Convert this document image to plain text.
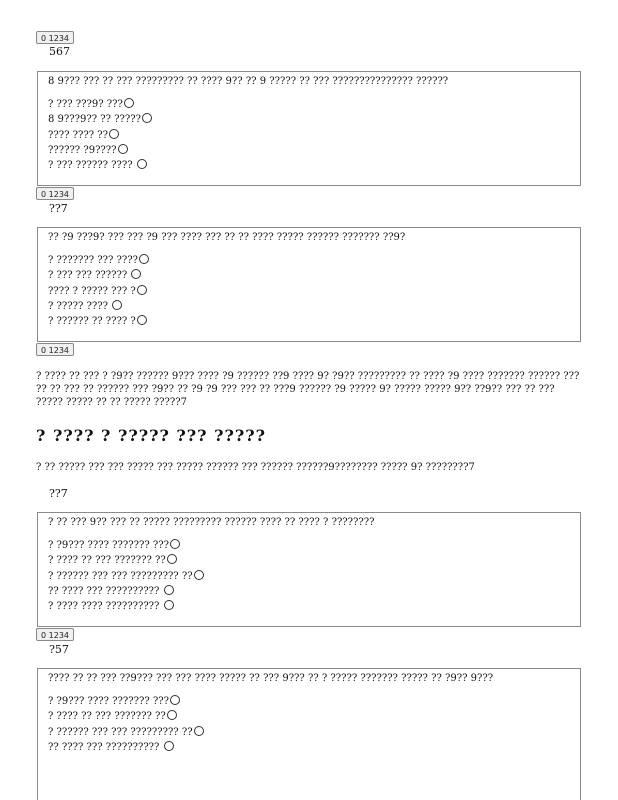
0 1234
567
8 9??? ??? ?? ??? ????????? ?? ???? 9?? ?? 9 ????? ?? ??? ??????????????? ??????
? ??? ???9? ???
8 9???9?? ?? ?????
???? ???? ??
?????? ?9????
? ??? ?????? ????
0 1234
??7
?? ?9 ???9? ??? ??? ?9 ??? ???? ??? ?? ?? ???? ????? ?????? ??????? ??9?
? ??????? ??? ????
? ??? ??? ??????
???? ? ????? ??? ?
? ????? ????
? ?????? ?? ???? ?
0 1234
? ???? ?? ??? ? ?9?? ?????? 9??? ???? ?9 ?????? ??9 ???? 9? ?9?? ????????? ?? ???? ?9 ???? ??????? ?????? ??? ?? ?? ??? ?? ?????? ??? ?9?? ?? ?9 ?9 ??? ??? ?? ???9 ?????? ?9 ????? 9? ????? ????? 9?? ??9?? ??? ?? ??? ????? ????? ?? ?? ????? ?????7
? ???? ? ????? ??? ?????
? ?? ????? ??? ??? ????? ??? ????? ?????? ??? ?????? ??????9???????? ????? 9? ????????7
??7
? ?? ??? 9?? ??? ?? ????? ????????? ?????? ???? ?? ???? ? ????????
? ?9??? ???? ??????? ???
? ???? ?? ??? ??????? ??
? ?????? ??? ??? ????????? ??
?? ???? ??? ??????????
? ???? ???? ??????????
0 1234
?57
???? ?? ?? ??? ??9??? ??? ??? ???? ????? ?? ??? 9??? ?? ? ????? ??????? ????? ?? ?9?? 9???
? ?9??? ???? ??????? ???
? ???? ?? ??? ??????? ??
? ?????? ??? ??? ????????? ??
?? ???? ??? ??????????
